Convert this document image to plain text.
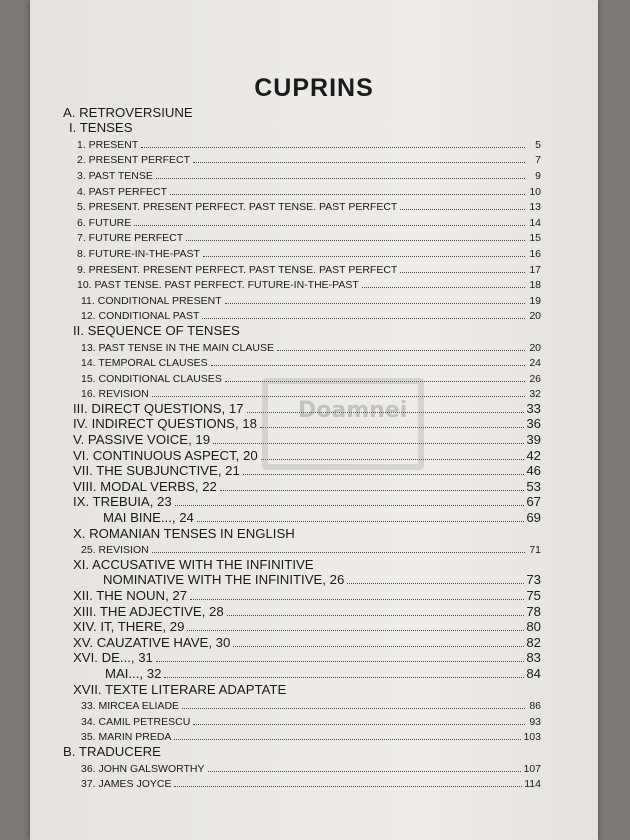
CUPRINS
A. RETROVERSIUNE
I. TENSES
1. PRESENT	5
2. PRESENT PERFECT	7
3. PAST TENSE	9
4. PAST PERFECT	10
5. PRESENT. PRESENT PERFECT. PAST TENSE. PAST PERFECT	13
6. FUTURE	14
7. FUTURE PERFECT	15
8. FUTURE-IN-THE-PAST	16
9. PRESENT. PRESENT PERFECT. PAST TENSE. PAST PERFECT	17
10. PAST TENSE. PAST PERFECT. FUTURE-IN-THE-PAST	18
11. CONDITIONAL PRESENT	19
12. CONDITIONAL PAST	20
II. SEQUENCE OF TENSES
13. PAST TENSE IN THE MAIN CLAUSE	20
14. TEMPORAL CLAUSES	24
15. CONDITIONAL CLAUSES	26
16. REVISION	32
III. DIRECT QUESTIONS, 17	33
IV. INDIRECT QUESTIONS, 18	36
V. PASSIVE VOICE, 19	39
VI. CONTINUOUS ASPECT, 20	42
VII. THE SUBJUNCTIVE, 21	46
VIII. MODAL VERBS, 22	53
IX. TREBUIA, 23	67
MAI BINE..., 24	69
X. ROMANIAN TENSES IN ENGLISH
25. REVISION	71
XI. ACCUSATIVE WITH THE INFINITIVE
NOMINATIVE WITH THE INFINITIVE, 26	73
XII. THE NOUN, 27	75
XIII. THE ADJECTIVE, 28	78
XIV. IT, THERE, 29	80
XV. CAUZATIVE HAVE, 30	82
XVI. DE..., 31	83
MAI..., 32	84
XVII. TEXTE LITERARE ADAPTATE
33. MIRCEA ELIADE	86
34. CAMIL PETRESCU	93
35. MARIN PREDA	103
B. TRADUCERE
36. JOHN GALSWORTHY	107
37. JAMES JOYCE	114
Doamnei
